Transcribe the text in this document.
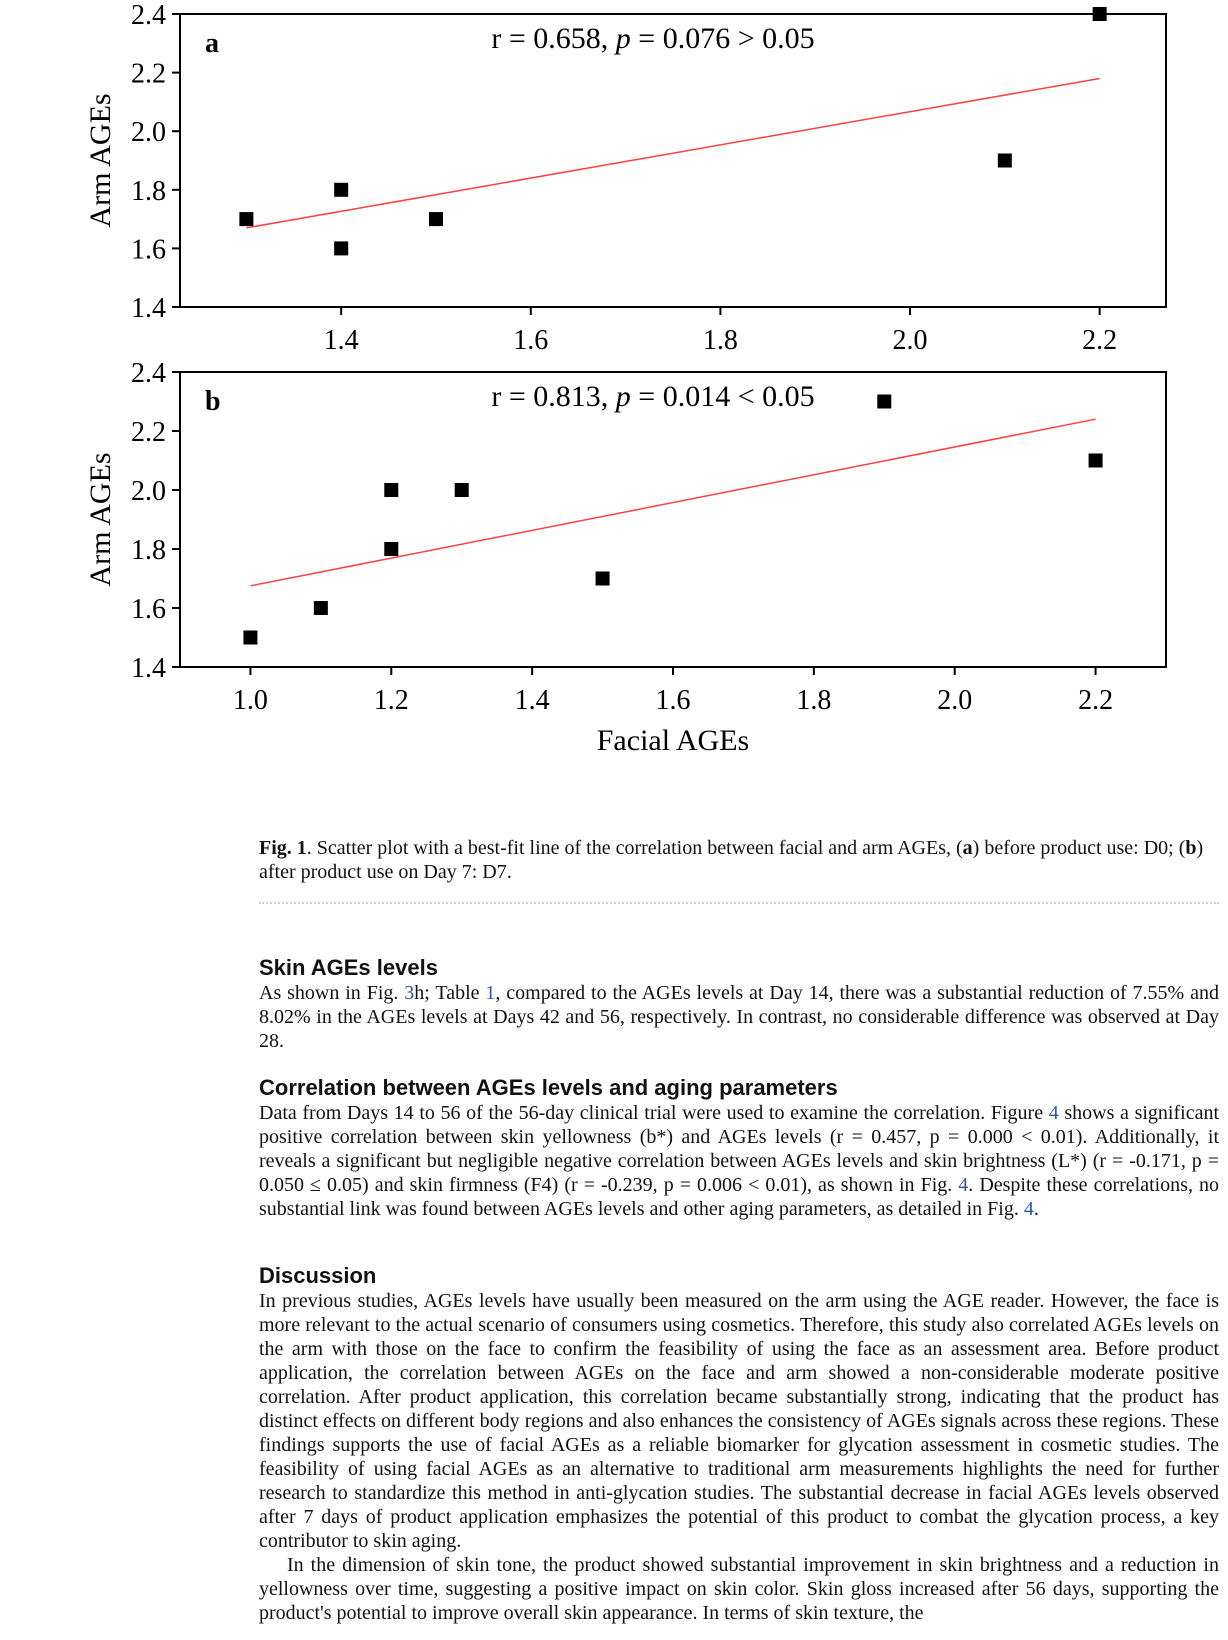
1.4
1.6
1.8
2.0
2.2
2.4
1.4	1.6	1.8	2.0	2.2
Arm AGEs
a	r = 0.658, p = 0.076 > 0.05
1.4
1.6
1.8
2.0
2.2
2.4
1.0	1.2	1.4	1.6	1.8	2.0	2.2
Arm AGEs
b	r = 0.813, p = 0.014 < 0.05
Facial AGEs
Fig. 1. Scatter plot with a best-fit line of the correlation between facial and arm AGEs, (a) before product use: D0; (b) after product use on Day 7: D7.
Skin AGEs levels

As shown in Fig. 3h; Table 1, compared to the AGEs levels at Day 14, there was a substantial reduction of 7.55% and 8.02% in the AGEs levels at Days 42 and 56, respectively. In contrast, no considerable difference was observed at Day 28.

Correlation between AGEs levels and aging parameters

Data from Days 14 to 56 of the 56-day clinical trial were used to examine the correlation. Figure 4 shows a significant positive correlation between skin yellowness (b*) and AGEs levels (r = 0.457, p = 0.000 < 0.01). Additionally, it reveals a significant but negligible negative correlation between AGEs levels and skin brightness (L*) (r = -0.171, p = 0.050 ≤ 0.05) and skin firmness (F4) (r = -0.239, p = 0.006 < 0.01), as shown in Fig. 4. Despite these correlations, no substantial link was found between AGEs levels and other aging parameters, as detailed in Fig. 4.

Discussion

In previous studies, AGEs levels have usually been measured on the arm using the AGE reader. However, the face is more relevant to the actual scenario of consumers using cosmetics. Therefore, this study also correlated AGEs levels on the arm with those on the face to confirm the feasibility of using the face as an assessment area. Before product application, the correlation between AGEs on the face and arm showed a non-considerable moderate positive correlation. After product application, this correlation became substantially strong, indicating that the product has distinct effects on different body regions and also enhances the consistency of AGEs signals across these regions. These findings supports the use of facial AGEs as a reliable biomarker for glycation assessment in cosmetic studies. The feasibility of using facial AGEs as an alternative to traditional arm measurements highlights the need for further research to standardize this method in anti-glycation studies. The substantial decrease in facial AGEs levels observed after 7 days of product application emphasizes the potential of this product to combat the glycation process, a key contributor to skin aging.

In the dimension of skin tone, the product showed substantial improvement in skin brightness and a reduction in yellowness over time, suggesting a positive impact on skin color. Skin gloss increased after 56 days, supporting the product's potential to improve overall skin appearance. In terms of skin texture, the
